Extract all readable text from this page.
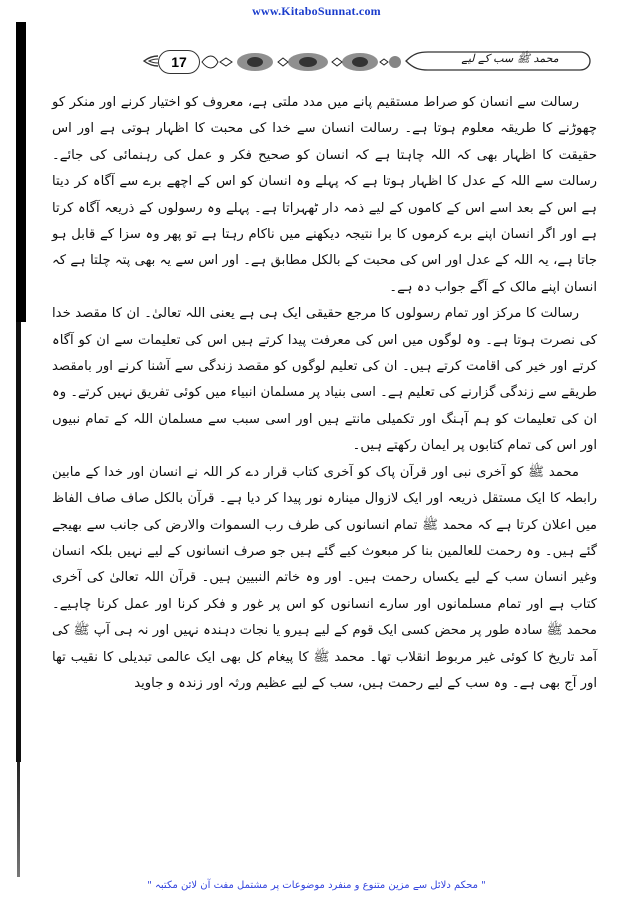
www.KitaboSunnat.com
17	محمد ﷺ سب کے لیے

رسالت سے انسان کو صراط مستقیم پانے میں مدد ملتی ہے، معروف کو اختیار کرنے اور منکر کو چھوڑنے کا طریقہ معلوم ہوتا ہے۔ رسالت انسان سے خدا کی محبت کا اظہار ہوتی ہے اور اس حقیقت کا اظہار بھی کہ اللہ چاہتا ہے کہ انسان کو صحیح فکر و عمل کی رہنمائی کی جائے۔ رسالت سے اللہ کے عدل کا اظہار ہوتا ہے کہ پہلے وہ انسان کو اس کے اچھے برے سے آگاہ کر دیتا ہے اس کے بعد اسے اس کے کاموں کے لیے ذمہ دار ٹھہراتا ہے۔ پہلے وہ رسولوں کے ذریعہ آگاہ کرتا ہے اور اگر انسان اپنے برے کرموں کا برا نتیجہ دیکھنے میں ناکام رہتا ہے تو پھر وہ سزا کے قابل ہو جاتا ہے، یہ اللہ کے عدل اور اس کی محبت کے بالکل مطابق ہے۔ اور اس سے یہ بھی پتہ چلتا ہے کہ انسان اپنے مالک کے آگے جواب دہ ہے۔

رسالت کا مرکز اور تمام رسولوں کا مرجع حقیقی ایک ہی ہے یعنی اللہ تعالیٰ۔ ان کا مقصد خدا کی نصرت ہوتا ہے۔ وہ لوگوں میں اس کی معرفت پیدا کرتے ہیں اس کی تعلیمات سے ان کو آگاہ کرتے اور خیر کی اقامت کرتے ہیں۔ ان کی تعلیم لوگوں کو مقصد زندگی سے آشنا کرنے اور بامقصد طریقے سے زندگی گزارنے کی تعلیم ہے۔ اسی بنیاد پر مسلمان انبیاء میں کوئی تفریق نہیں کرتے۔ وہ ان کی تعلیمات کو ہم آہنگ اور تکمیلی مانتے ہیں اور اسی سبب سے مسلمان اللہ کے تمام نبیوں اور اس کی تمام کتابوں پر ایمان رکھتے ہیں۔

محمد ﷺ کو آخری نبی اور قرآن پاک کو آخری کتاب قرار دے کر اللہ نے انسان اور خدا کے مابین رابطہ کا ایک مستقل ذریعہ اور ایک لازوال مینارہ نور پیدا کر دیا ہے۔ قرآن بالکل صاف صاف الفاظ میں اعلان کرتا ہے کہ محمد ﷺ تمام انسانوں کی طرف رب السموات والارض کی جانب سے بھیجے گئے ہیں۔ وہ رحمت للعالمین بنا کر مبعوث کیے گئے ہیں جو صرف انسانوں کے لیے نہیں بلکہ انسان وغیر انسان سب کے لیے یکساں رحمت ہیں۔ اور وہ خاتم النبیین ہیں۔ قرآن اللہ تعالیٰ کی آخری کتاب ہے اور تمام مسلمانوں اور سارے انسانوں کو اس پر غور و فکر کرنا اور عمل کرنا چاہیے۔ محمد ﷺ سادہ طور پر محض کسی ایک قوم کے لیے ہیرو یا نجات دہندہ نہیں اور نہ ہی آپ ﷺ کی آمد تاریخ کا کوئی غیر مربوط انقلاب تھا۔ محمد ﷺ کا پیغام کل بھی ایک عالمی تبدیلی کا نقیب تھا اور آج بھی ہے۔ وہ سب کے لیے رحمت ہیں، سب کے لیے عظیم ورثہ اور زندہ و جاوید

" محکم دلائل سے مزین متنوع و منفرد موضوعات پر مشتمل مفت آن لائن مکتبہ "
